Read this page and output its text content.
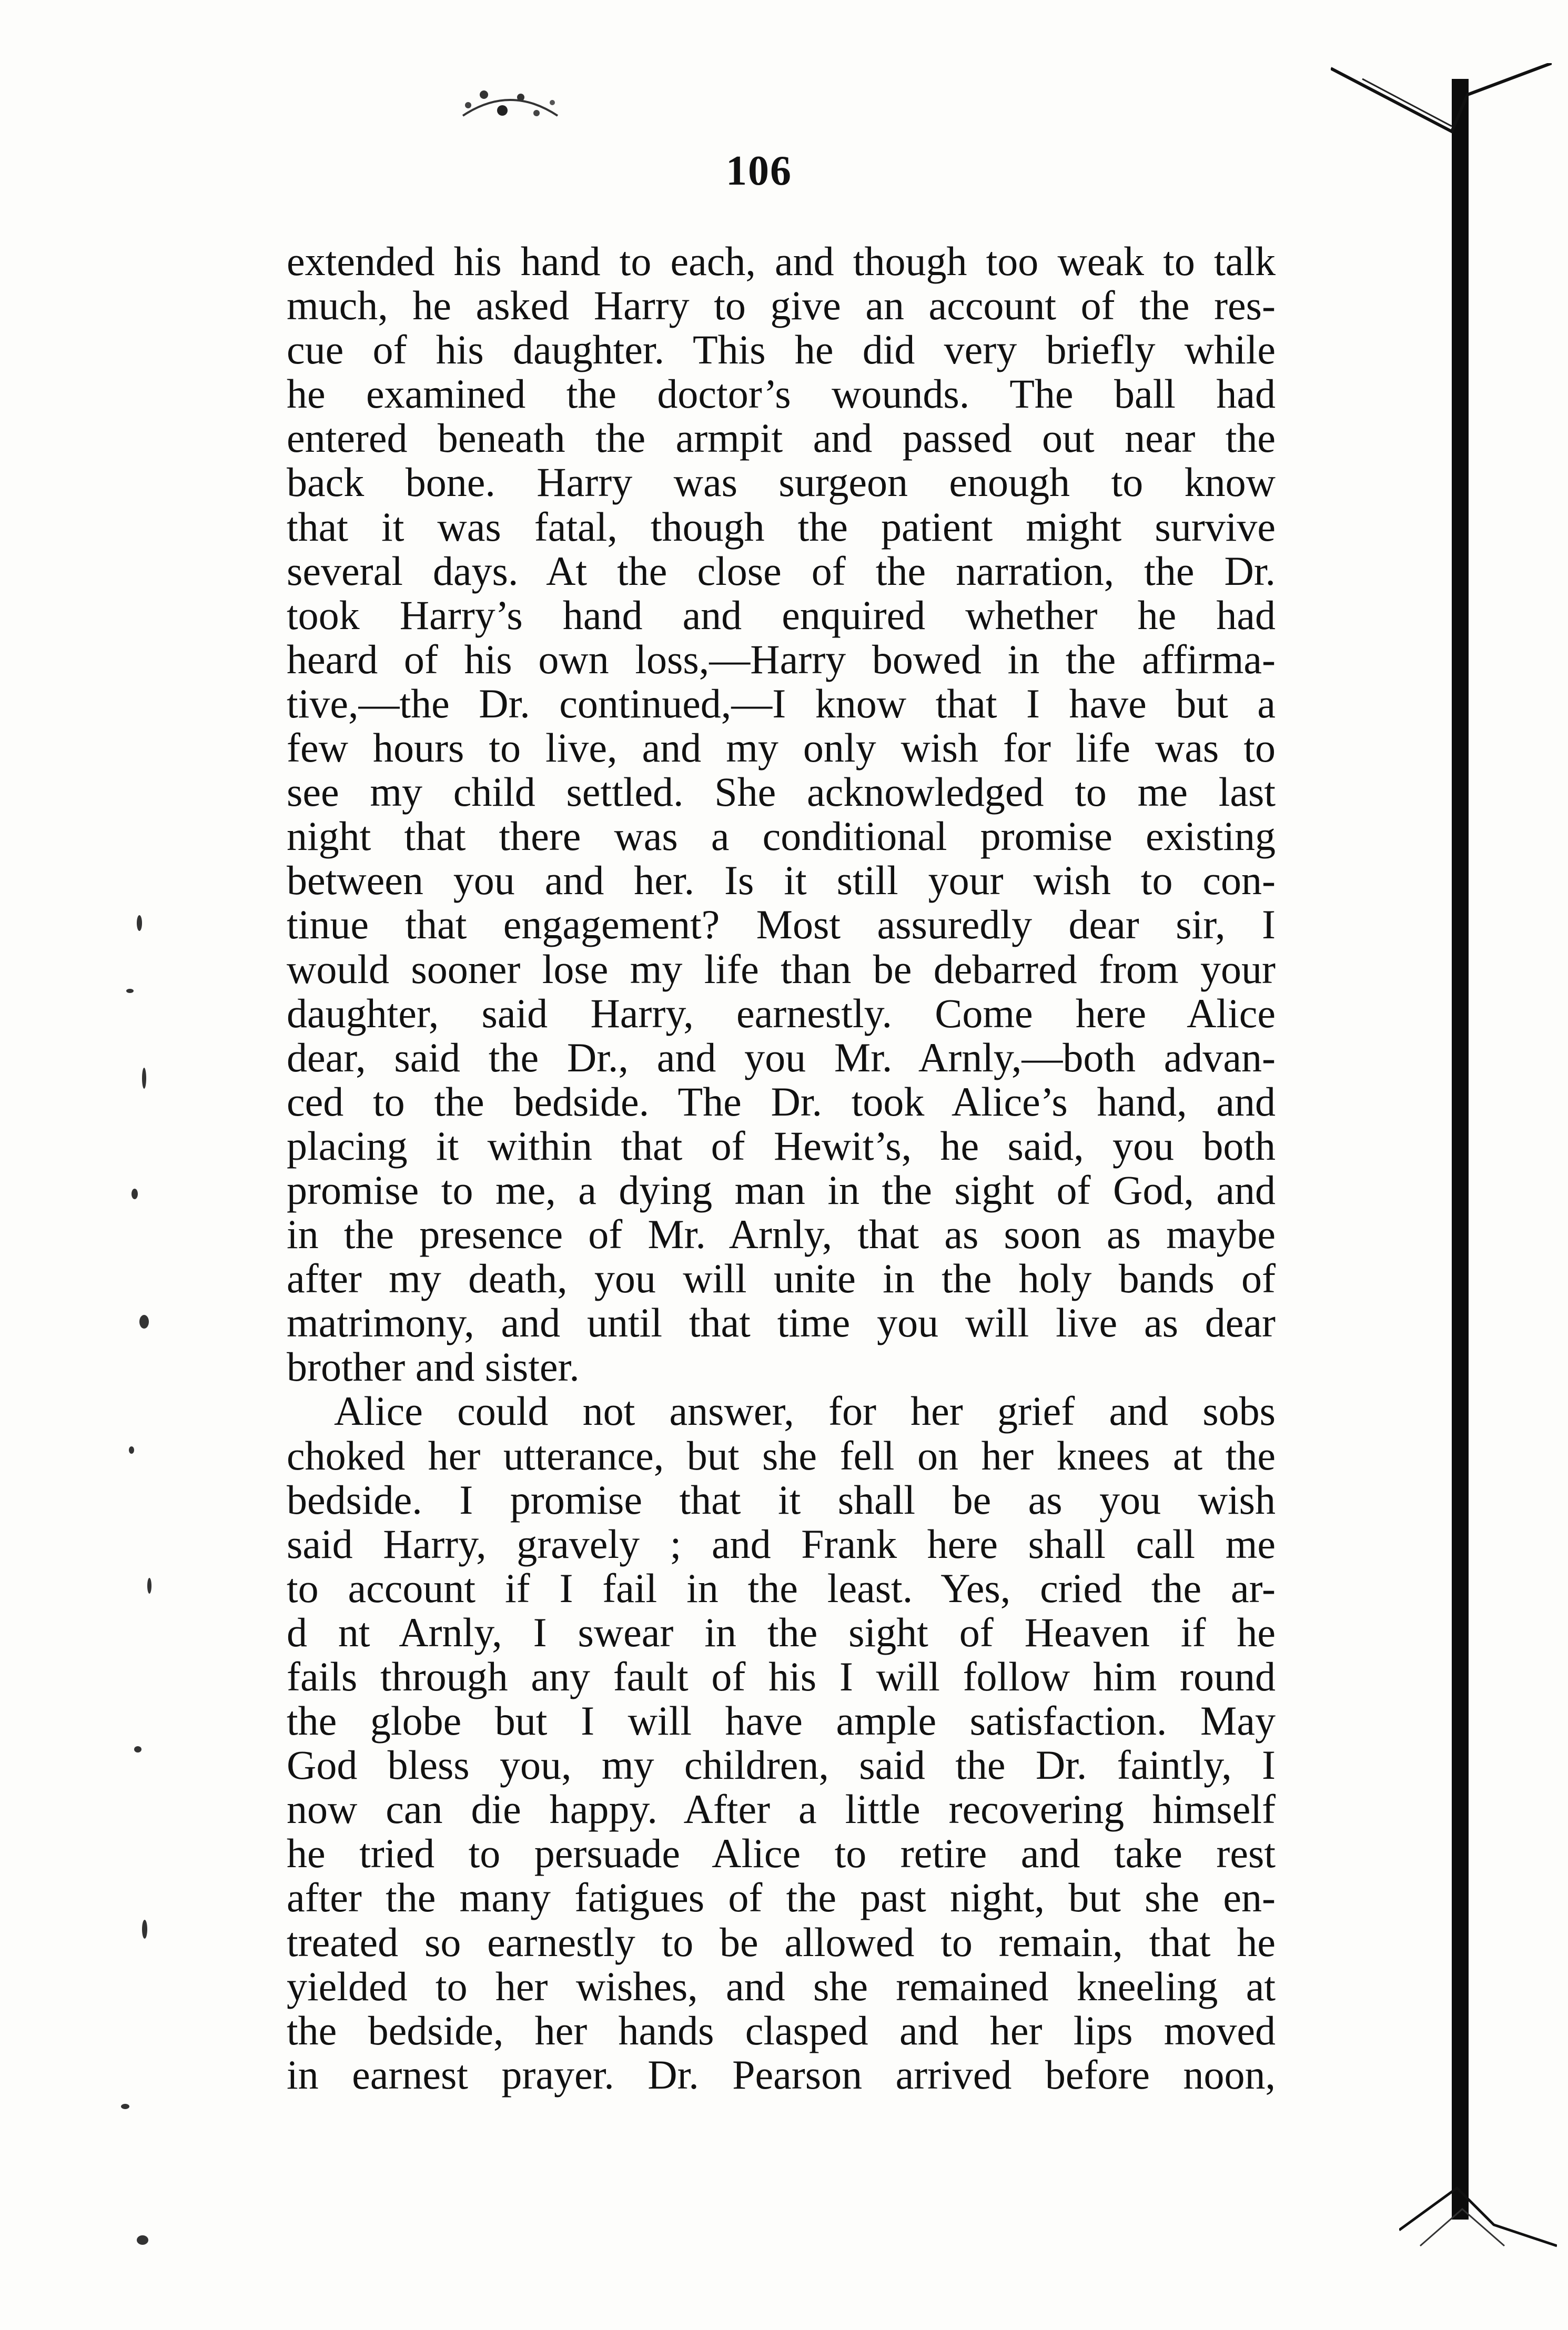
106
extended his hand to each, and though too weak to talk
much, he asked Harry to give an account of the res-
cue of his daughter. This he did very briefly while
he examined the doctor’s wounds. The ball had
entered beneath the armpit and passed out near the
back bone. Harry was surgeon enough to know
that it was fatal, though the patient might survive
several days. At the close of the narration, the Dr.
took Harry’s hand and enquired whether he had
heard of his own loss,—Harry bowed in the affirma-
tive,—the Dr. continued,—I know that I have but a
few hours to live, and my only wish for life was to
see my child settled. She acknowledged to me last
night that there was a conditional promise existing
between you and her. Is it still your wish to con-
tinue that engagement? Most assuredly dear sir, I
would sooner lose my life than be debarred from your
daughter, said Harry, earnestly. Come here Alice
dear, said the Dr., and you Mr. Arnly,—both advan-
ced to the bedside. The Dr. took Alice’s hand, and
placing it within that of Hewit’s, he said, you both
promise to me, a dying man in the sight of God, and
in the presence of Mr. Arnly, that as soon as maybe
after my death, you will unite in the holy bands of
matrimony, and until that time you will live as dear
brother and sister.
Alice could not answer, for her grief and sobs
choked her utterance, but she fell on her knees at the
bedside. I promise that it shall be as you wish
said Harry, gravely ; and Frank here shall call me
to account if I fail in the least. Yes, cried the ar-
d nt Arnly, I swear in the sight of Heaven if he
fails through any fault of his I will follow him round
the globe but I will have ample satisfaction. May
God bless you, my children, said the Dr. faintly, I
now can die happy. After a little recovering himself
he tried to persuade Alice to retire and take rest
after the many fatigues of the past night, but she en-
treated so earnestly to be allowed to remain, that he
yielded to her wishes, and she remained kneeling at
the bedside, her hands clasped and her lips moved
in earnest prayer. Dr. Pearson arrived before noon,
